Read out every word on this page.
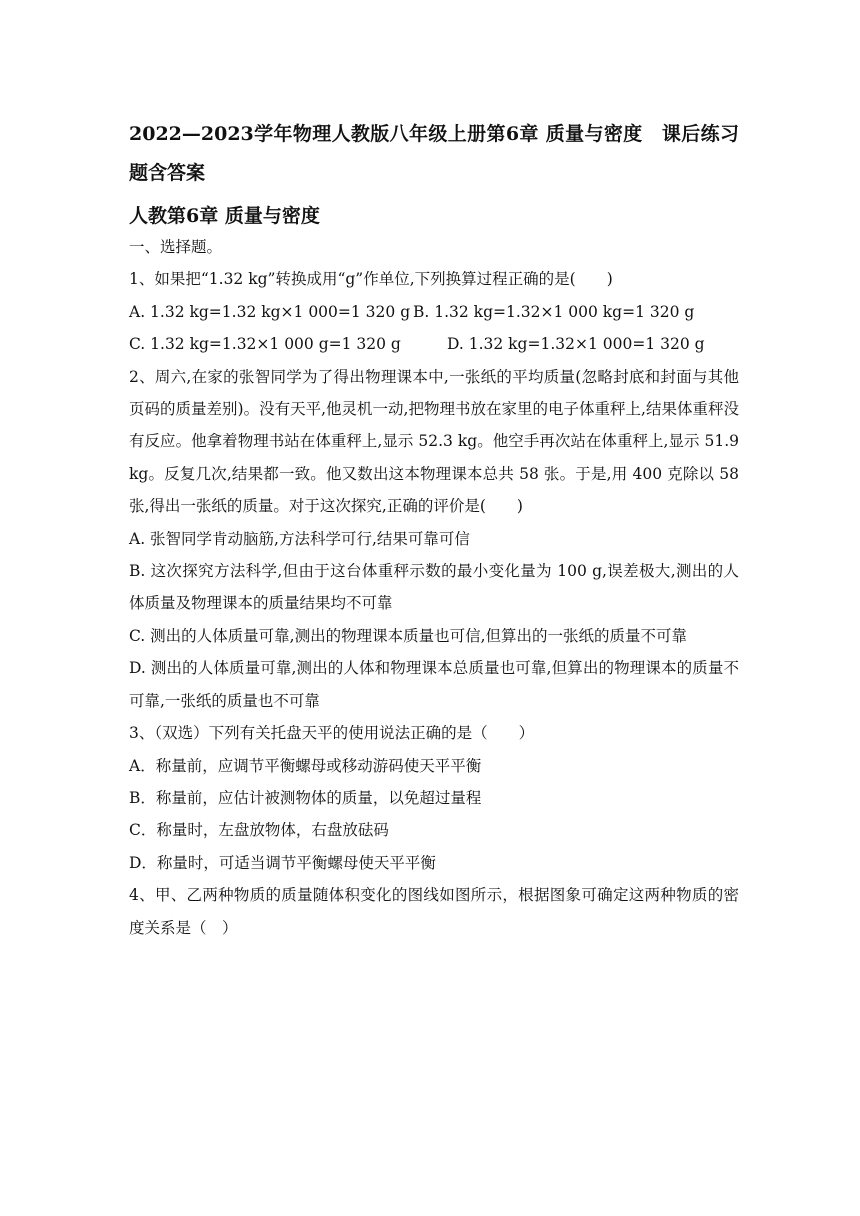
2022—2023学年物理人教版八年级上册第6章 质量与密度　课后练习题含答案
人教第6章 质量与密度
一、选择题。
1、如果把“1.32 kg”转换成用“g”作单位,下列换算过程正确的是(　　)
A. 1.32 kg=1.32 kg×1 000=1 320 g B. 1.32 kg=1.32×1 000 kg=1 320 g
C. 1.32 kg=1.32×1 000 g=1 320 g	D. 1.32 kg=1.32×1 000=1 320 g
2、周六,在家的张智同学为了得出物理课本中,一张纸的平均质量(忽略封底和封面与其他页码的质量差别)。没有天平,他灵机一动,把物理书放在家里的电子体重秤上,结果体重秤没有反应。他拿着物理书站在体重秤上,显示 52.3 kg。他空手再次站在体重秤上,显示 51.9 kg。反复几次,结果都一致。他又数出这本物理课本总共 58 张。于是,用 400 克除以 58 张,得出一张纸的质量。对于这次探究,正确的评价是(　　)
A. 张智同学肯动脑筋,方法科学可行,结果可靠可信
B. 这次探究方法科学,但由于这台体重秤示数的最小变化量为 100 g,误差极大,测出的人体质量及物理课本的质量结果均不可靠
C. 测出的人体质量可靠,测出的物理课本质量也可信,但算出的一张纸的质量不可靠
D. 测出的人体质量可靠,测出的人体和物理课本总质量也可靠,但算出的物理课本的质量不可靠,一张纸的质量也不可靠
3、（双选）下列有关托盘天平的使用说法正确的是（　　）
A．称量前，应调节平衡螺母或移动游码使天平平衡
B．称量前，应估计被测物体的质量，以免超过量程
C．称量时，左盘放物体，右盘放砝码
D．称量时，可适当调节平衡螺母使天平平衡
4、甲、乙两种物质的质量随体积变化的图线如图所示，根据图象可确定这两种物质的密度关系是（　）
